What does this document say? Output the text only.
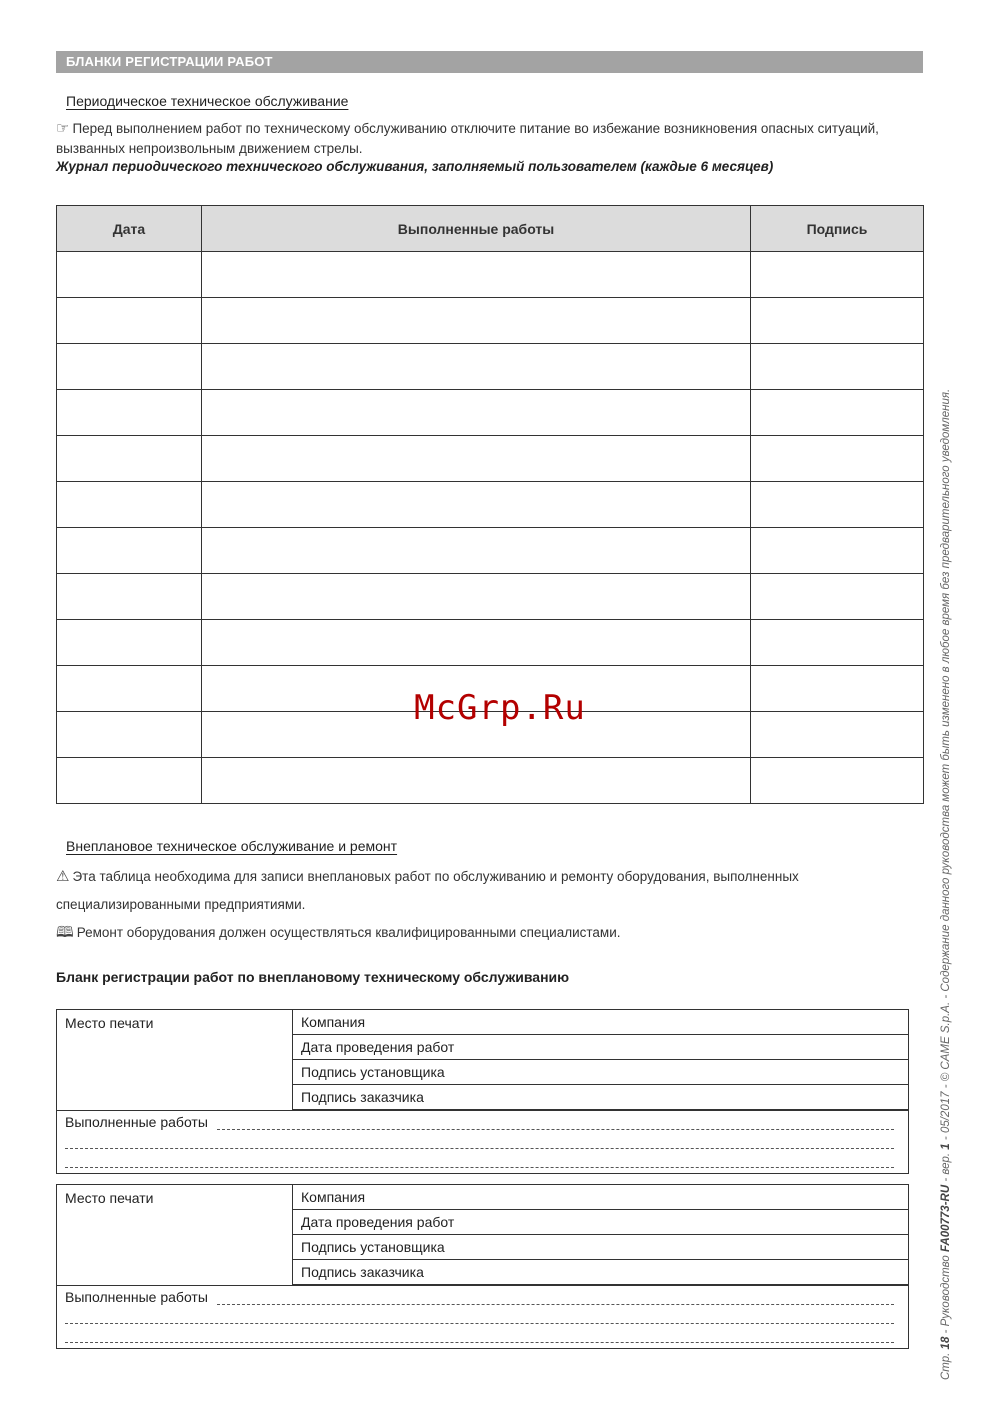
БЛАНКИ РЕГИСТРАЦИИ РАБОТ
Периодическое техническое обслуживание
☞ Перед выполнением работ по техническому обслуживанию отключите питание во избежание возникновения опасных ситуаций,
вызванных непроизвольным движением стрелы.
Журнал периодического технического обслуживания, заполняемый пользователем (каждые 6 месяцев)
Дата	Выполненные работы	Подпись

McGrp.Ru
Внеплановое техническое обслуживание и ремонт
⚠ Эта таблица необходима для записи внеплановых работ по обслуживанию и ремонту оборудования, выполненных
специализированными предприятиями.
🕮 Ремонт оборудования должен осуществляться квалифицированными специалистами.
Бланк регистрации работ по внеплановому техническому обслуживанию
Место печати	Компания
Дата проведения работ
Подпись установщика
Подпись заказчика
Выполненные работы
Место печати	Компания
Дата проведения работ
Подпись установщика
Подпись заказчика
Выполненные работы
Стр. 18 - Руководство FA00773-RU - вер. 1 - 05/2017 - © CAME S.p.A. - Содержание данного руководства может быть изменено в любое время без предварительного уведомления.
